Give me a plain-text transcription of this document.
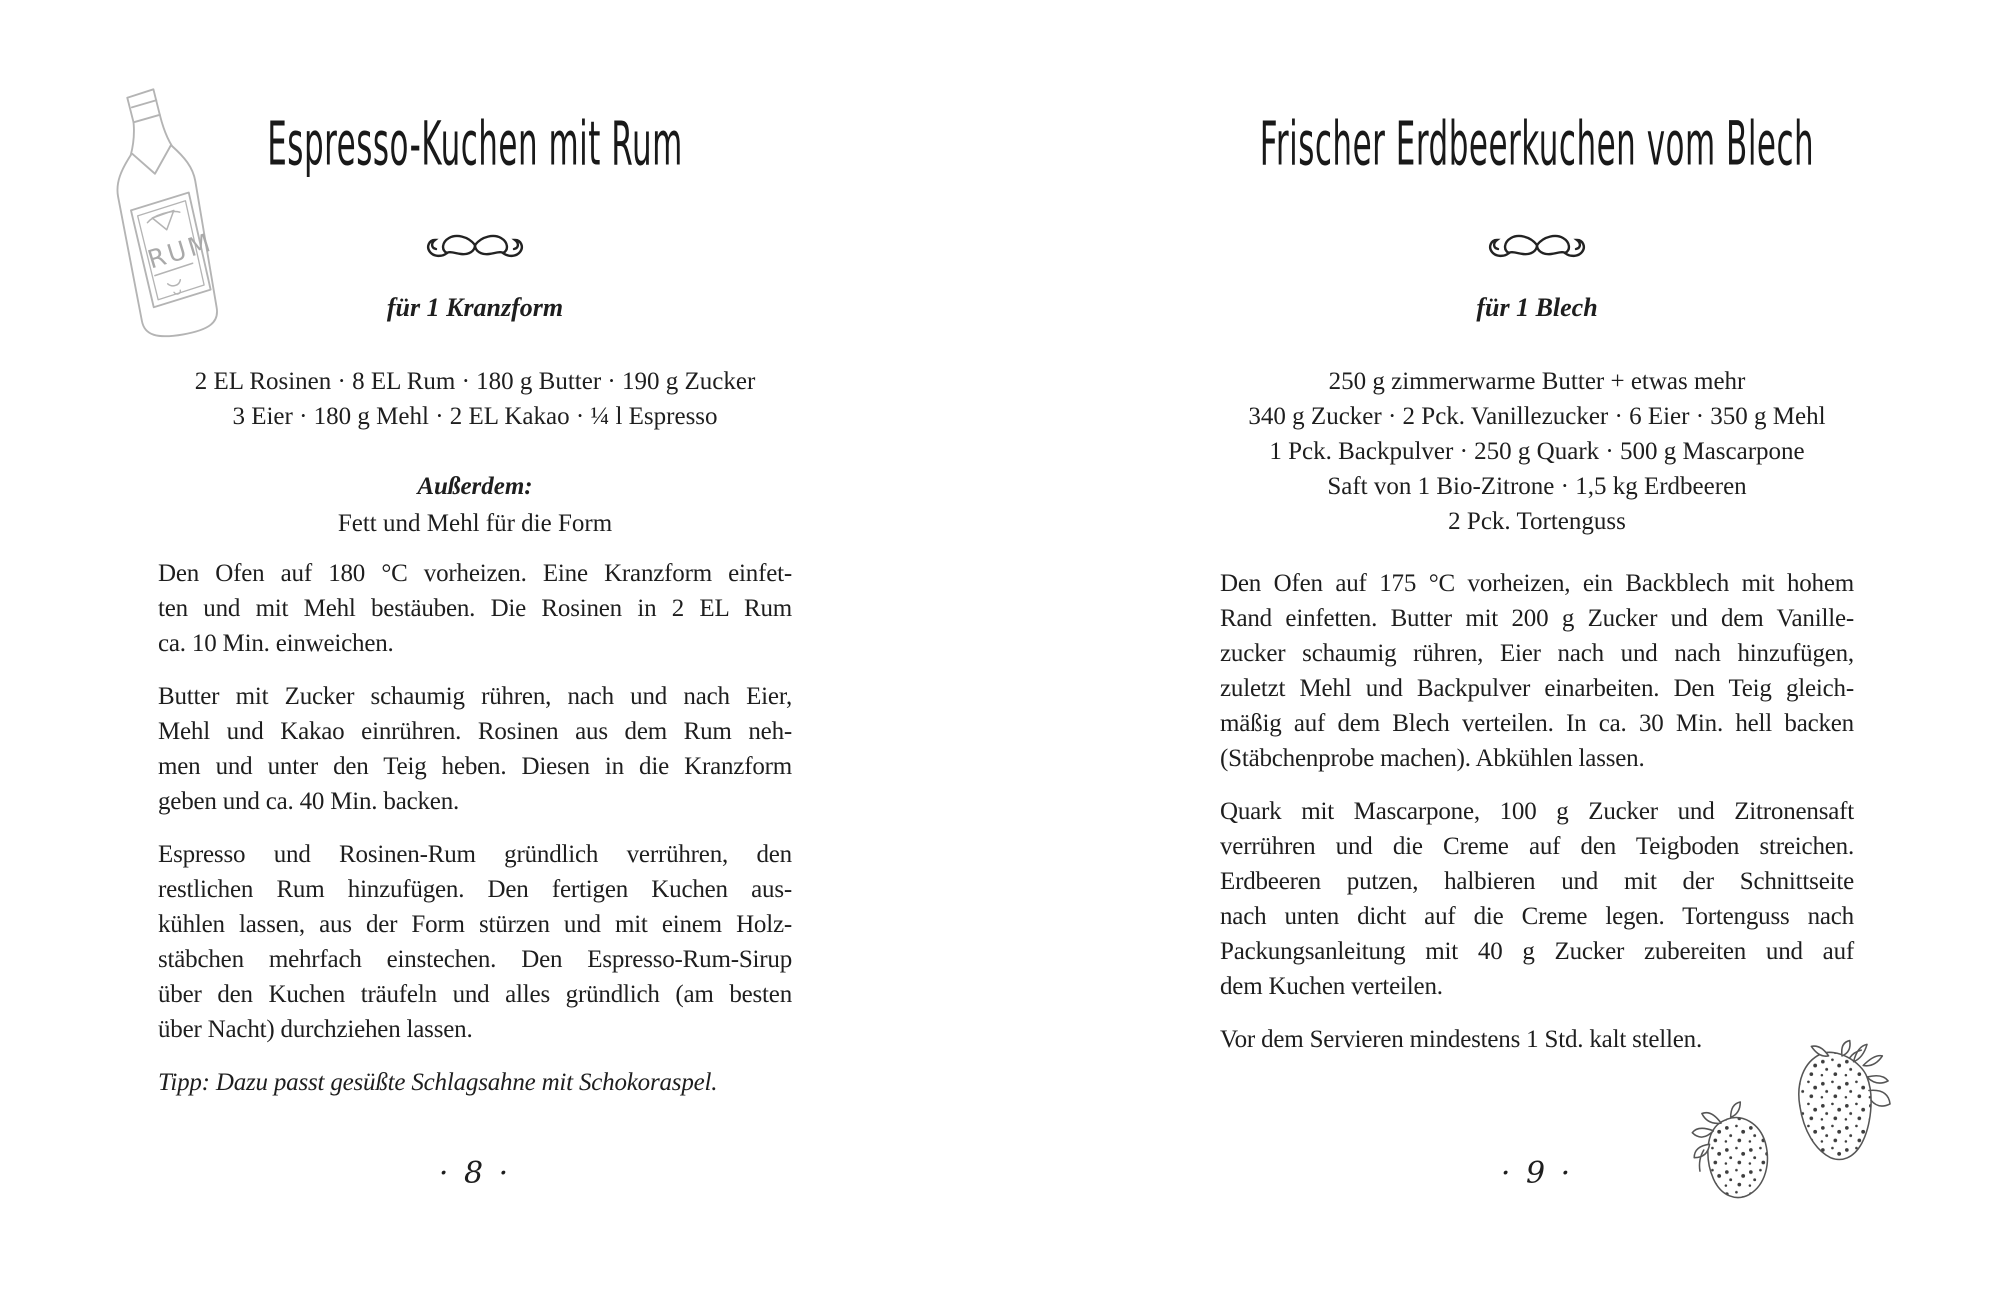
RUM
Espresso-Kuchen mit Rum
für 1 Kranzform
2 EL Rosinen · 8 EL Rum · 180 g Butter · 190 g Zucker
3 Eier · 180 g Mehl · 2 EL Kakao · ¼ l Espresso
Außerdem:
Fett und Mehl für die Form
Den Ofen auf 180 °C vorheizen. Eine Kranzform einfet-
ten und mit Mehl bestäuben. Die Rosinen in 2 EL Rum
ca. 10 Min. einweichen.
Butter mit Zucker schaumig rühren, nach und nach Eier,
Mehl und Kakao einrühren. Rosinen aus dem Rum neh-
men und unter den Teig heben. Diesen in die Kranzform
geben und ca. 40 Min. backen.
Espresso und Rosinen-Rum gründlich verrühren, den
restlichen Rum hinzufügen. Den fertigen Kuchen aus-
kühlen lassen, aus der Form stürzen und mit einem Holz-
stäbchen mehrfach einstechen. Den Espresso-Rum-Sirup
über den Kuchen träufeln und alles gründlich (am besten
über Nacht) durchziehen lassen.
Tipp: Dazu passt gesüßte Schlagsahne mit Schokoraspel.
· 8 ·
Frischer Erdbeerkuchen vom Blech
für 1 Blech
250 g zimmerwarme Butter + etwas mehr
340 g Zucker · 2 Pck. Vanillezucker · 6 Eier · 350 g Mehl
1 Pck. Backpulver · 250 g Quark · 500 g Mascarpone
Saft von 1 Bio-Zitrone · 1,5 kg Erdbeeren
2 Pck. Tortenguss
Den Ofen auf 175 °C vorheizen, ein Backblech mit hohem
Rand einfetten. Butter mit 200 g Zucker und dem Vanille-
zucker schaumig rühren, Eier nach und nach hinzufügen,
zuletzt Mehl und Backpulver einarbeiten. Den Teig gleich-
mäßig auf dem Blech verteilen. In ca. 30 Min. hell backen
(Stäbchenprobe machen). Abkühlen lassen.
Quark mit Mascarpone, 100 g Zucker und Zitronensaft
verrühren und die Creme auf den Teigboden streichen.
Erdbeeren putzen, halbieren und mit der Schnittseite
nach unten dicht auf die Creme legen. Tortenguss nach
Packungsanleitung mit 40 g Zucker zubereiten und auf
dem Kuchen verteilen.
Vor dem Servieren mindestens 1 Std. kalt stellen.
· 9 ·
